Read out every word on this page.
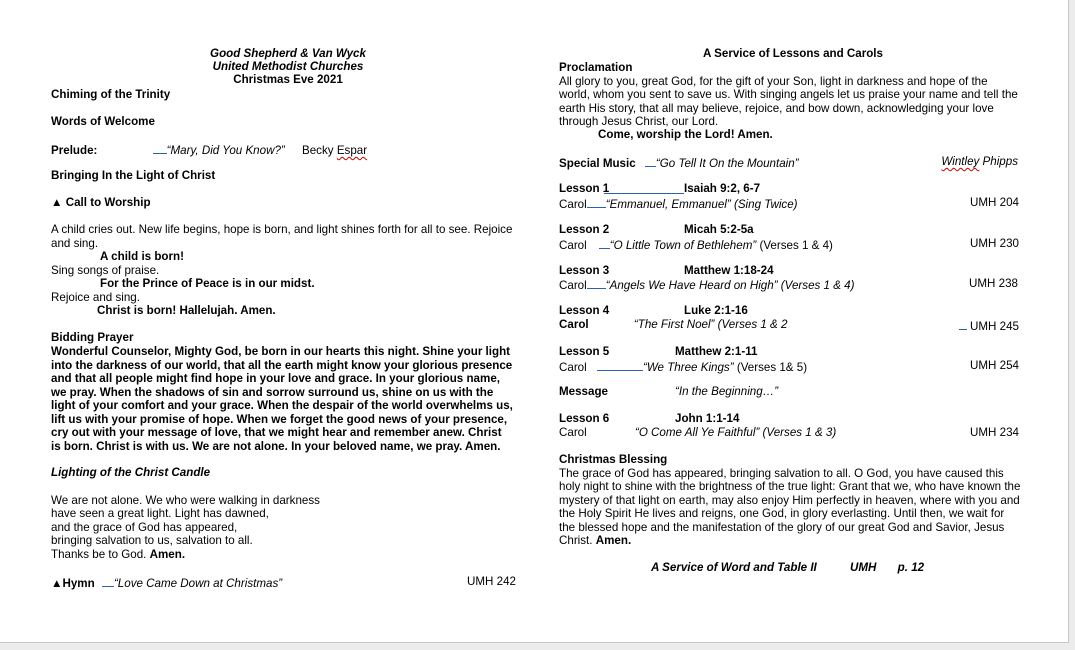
Good Shepherd & Van Wyck
United Methodist Churches
Christmas Eve 2021
Chiming of the Trinity
Words of Welcome
Prelude:	“Mary, Did You Know?” Becky Espar
Bringing In the Light of Christ
▲ Call to Worship
A child cries out. New life begins, hope is born, and light shines forth for all to see. Rejoice
and sing.
A child is born!
Sing songs of praise.
For the Prince of Peace is in our midst.
Rejoice and sing.
Christ is born! Hallelujah. Amen.
Bidding Prayer
Wonderful Counselor, Mighty God, be born in our hearts this night. Shine your light
into the darkness of our world, that all the earth might know your glorious presence
and that all people might find hope in your love and grace. In your glorious name,
we pray. When the shadows of sin and sorrow surround us, shine on us with the
light of your comfort and your grace. When the despair of the world overwhelms us,
lift us with your promise of hope. When we forget the good news of your presence,
cry out with your message of love, that we might hear and remember anew. Christ
is born. Christ is with us. We are not alone. In your beloved name, we pray. Amen.
Lighting of the Christ Candle
We are not alone. We who were walking in darkness
have seen a great light. Light has dawned,
and the grace of God has appeared,
bringing salvation to us, salvation to all.
Thanks be to God. Amen.
▲Hymn “Love Came Down at Christmas”	UMH 242
A Service of Lessons and Carols
Proclamation
All glory to you, great God, for the gift of your Son, light in darkness and hope of the
world, whom you sent to save us. With singing angels let us praise your name and tell the
earth His story, that all may believe, rejoice, and bow down, acknowledging your love
through Jesus Christ, our Lord.
Come, worship the Lord! Amen.
Special Music “Go Tell It On the Mountain”	Wintley Phipps
Lesson 1	Isaiah 9:2, 6-7
Carol “Emmanuel, Emmanuel” (Sing Twice)	UMH 204
Lesson 2	Micah 5:2-5a
Carol “O Little Town of Bethlehem” (Verses 1 & 4)	UMH 230
Lesson 3	Matthew 1:18-24
Carol “Angels We Have Heard on High” (Verses 1 & 4)	UMH 238
Lesson 4	Luke 2:1-16
Carol	“The First Noel” (Verses 1 & 2	UMH 245
Lesson 5	Matthew 2:1-11
Carol	“We Three Kings” (Verses 1& 5)	UMH 254
Message	“In the Beginning…”
Lesson 6	John 1:1-14
Carol	“O Come All Ye Faithful” (Verses 1 & 3)	UMH 234
Christmas Blessing
The grace of God has appeared, bringing salvation to all. O God, you have caused this
holy night to shine with the brightness of the true light: Grant that we, who have known the
mystery of that light on earth, may also enjoy Him perfectly in heaven, where with you and
the Holy Spirit He lives and reigns, one God, in glory everlasting. Until then, we wait for
the blessed hope and the manifestation of the glory of our great God and Savior, Jesus
Christ. Amen.
A Service of Word and Table II	UMH p. 12
